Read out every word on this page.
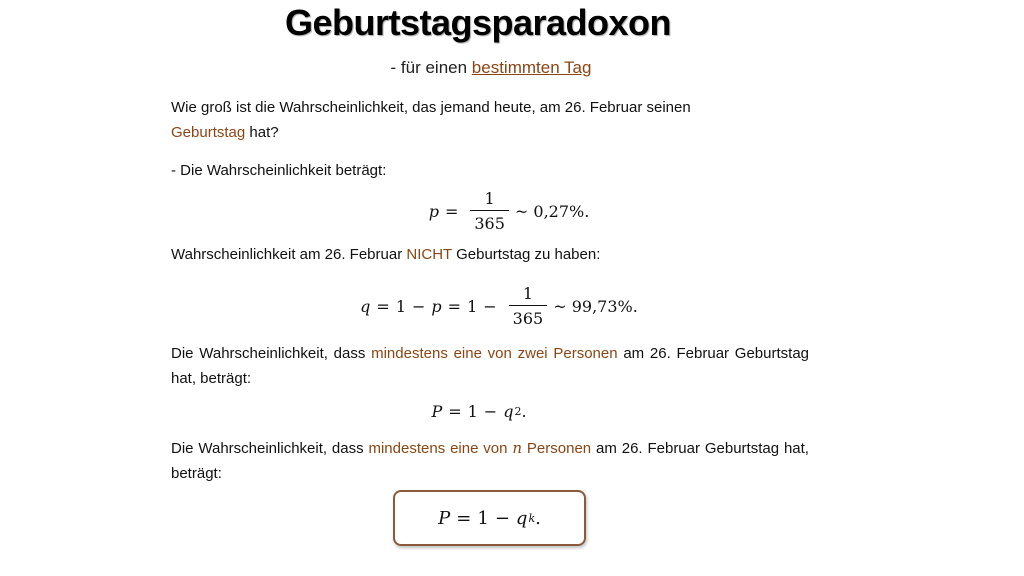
Geburtstagsparadoxon
- für einen bestimmten Tag
Wie groß ist die Wahrscheinlichkeit, das jemand heute, am 26. Februar seinen
Geburtstag hat?
- Die Wahrscheinlichkeit beträgt:
$p = \frac{1}{365}$ ~ 0,27%.
Wahrscheinlichkeit am 26. Februar NICHT Geburtstag zu haben:
$q = 1 - p = 1 - \frac{1}{365}$ ~ 99,73%.
Die Wahrscheinlichkeit, dass mindestens eine von zwei Personen am 26. Februar Geburtstag hat, beträgt:
P = 1 − q 2 .
Die Wahrscheinlichkeit, dass mindestens eine von n Personen am 26. Februar Geburtstag hat, beträgt:
P = 1 − q k .
